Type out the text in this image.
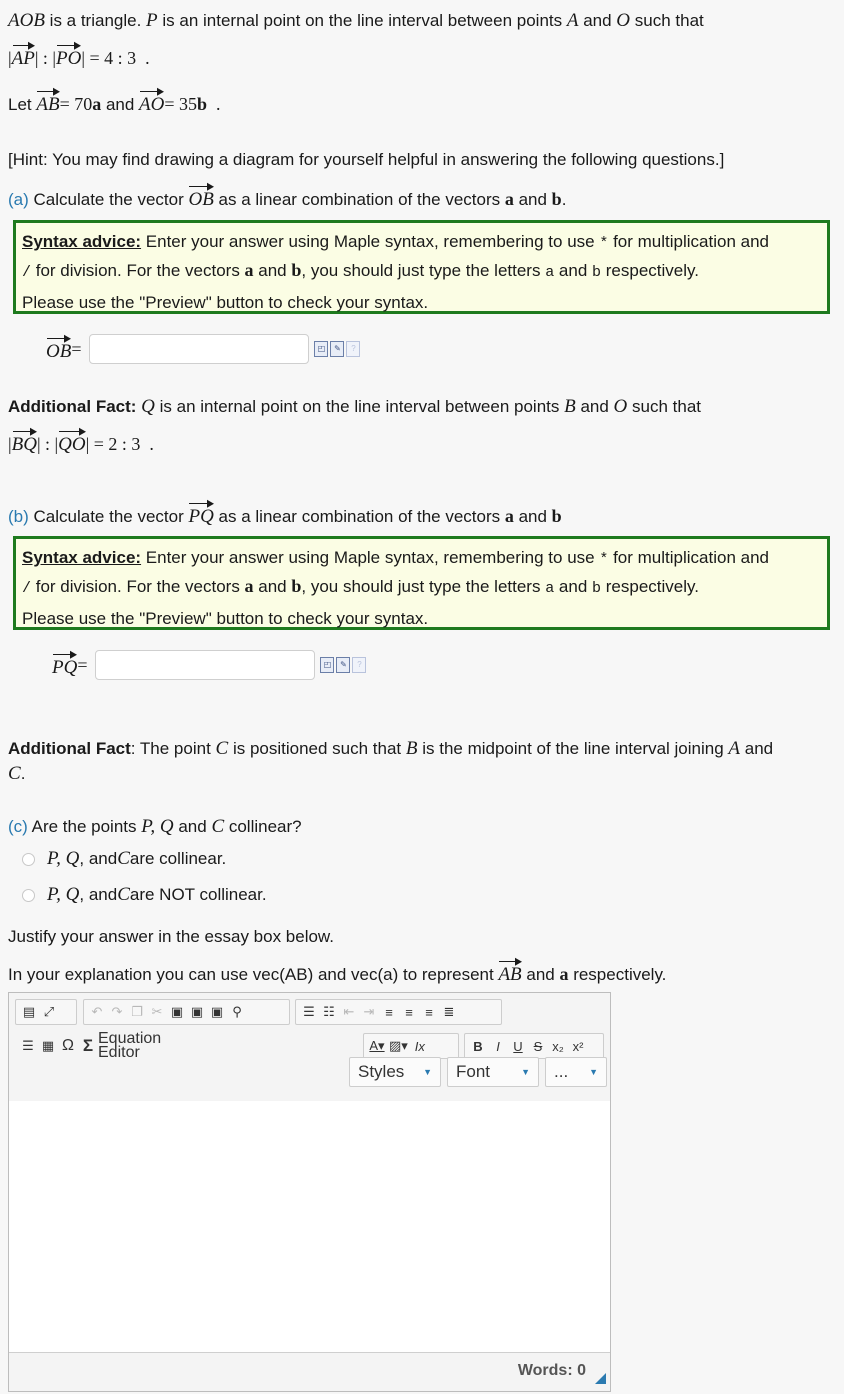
AOB is a triangle. P is an internal point on the line interval between points A and O such that
|AP| : |PO| = 4 : 3  .
Let AB= 70a and AO= 35b  .
[Hint: You may find drawing a diagram for yourself helpful in answering the following questions.]
(a) Calculate the vector OB as a linear combination of the vectors a and b.
Syntax advice: Enter your answer using Maple syntax, remembering to use * for multiplication and
/ for division. For the vectors a and b, you should just type the letters a and b respectively.
Please use the "Preview" button to check your syntax.
OB =	◰	✎	?
Additional Fact: Q is an internal point on the line interval between points B and O such that
|BQ| : |QO| = 2 : 3  .
(b) Calculate the vector PQ as a linear combination of the vectors a and b
Syntax advice: Enter your answer using Maple syntax, remembering to use * for multiplication and
/ for division. For the vectors a and b, you should just type the letters a and b respectively.
Please use the "Preview" button to check your syntax.
PQ =	◰	✎	?
Additional Fact: The point C is positioned such that B is the midpoint of the line interval joining A and
C.
(c) Are the points P, Q and C collinear?
P, Q , and C are collinear.
P, Q , and C are NOT collinear.
Justify your answer in the essay box below.
In your explanation you can use vec(AB) and vec(a) to represent AB and a respectively.
▤ ⤢	↶ ↷ ❐ ✂ ▣ ▣ ▣ ⚲	☰ ☷ ⇤ ⇥ ≡ ≡ ≡ ≣
☰ ▦ Ω Σ Equation Editor	A▾ ▨▾ Ix	B	I	U S x₂ x²
Styles ▼ Font	▼ ... ▼
Words: 0
